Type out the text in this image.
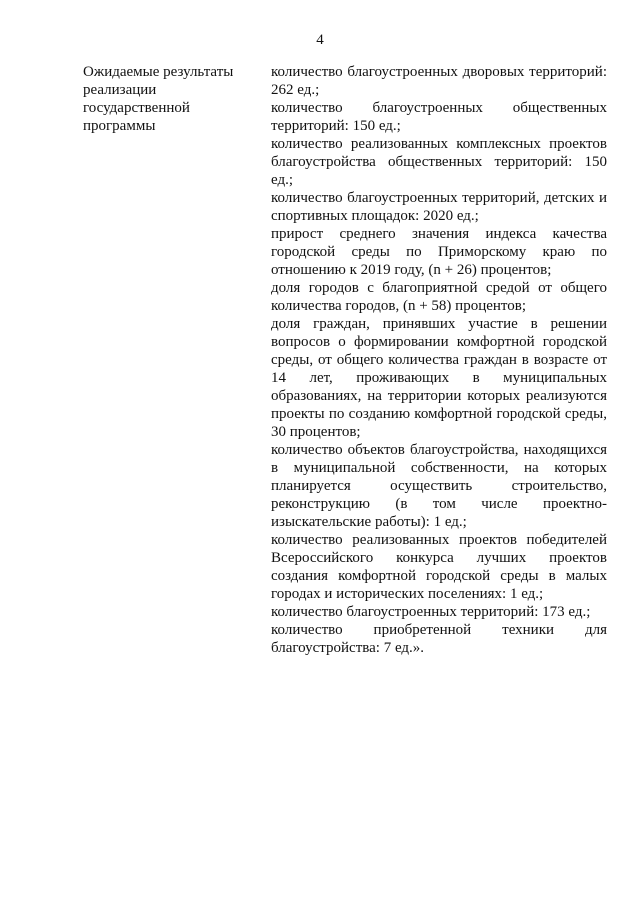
4
Ожидаемые результаты
реализации
государственной
программы
количество благоустроенных дворовых территорий: 262 ед.;
количество благоустроенных общественных территорий: 150 ед.;
количество реализованных комплексных проектов благоустройства общественных территорий: 150 ед.;
количество благоустроенных территорий, детских и спортивных площадок: 2020 ед.;
прирост среднего значения индекса качества городской среды по Приморскому краю по отношению к 2019 году, (n + 26) процентов;
доля городов с благоприятной средой от общего количества городов, (n + 58) процентов;
доля граждан, принявших участие в решении вопросов о формировании комфортной городской среды, от общего количества граждан в возрасте от 14 лет, проживающих в муниципальных образованиях, на территории которых реализуются проекты по созданию комфортной городской среды, 30 процентов;
количество объектов благоустройства, находящихся в муниципальной собственности, на которых планируется осуществить строительство, реконструкцию (в том числе проектно-изыскательские работы): 1 ед.;
количество реализованных проектов победителей Всероссийского конкурса лучших проектов создания комфортной городской среды в малых городах и исторических поселениях: 1 ед.;
количество благоустроенных территорий: 173 ед.;
количество приобретенной техники для благоустройства: 7 ед.».
